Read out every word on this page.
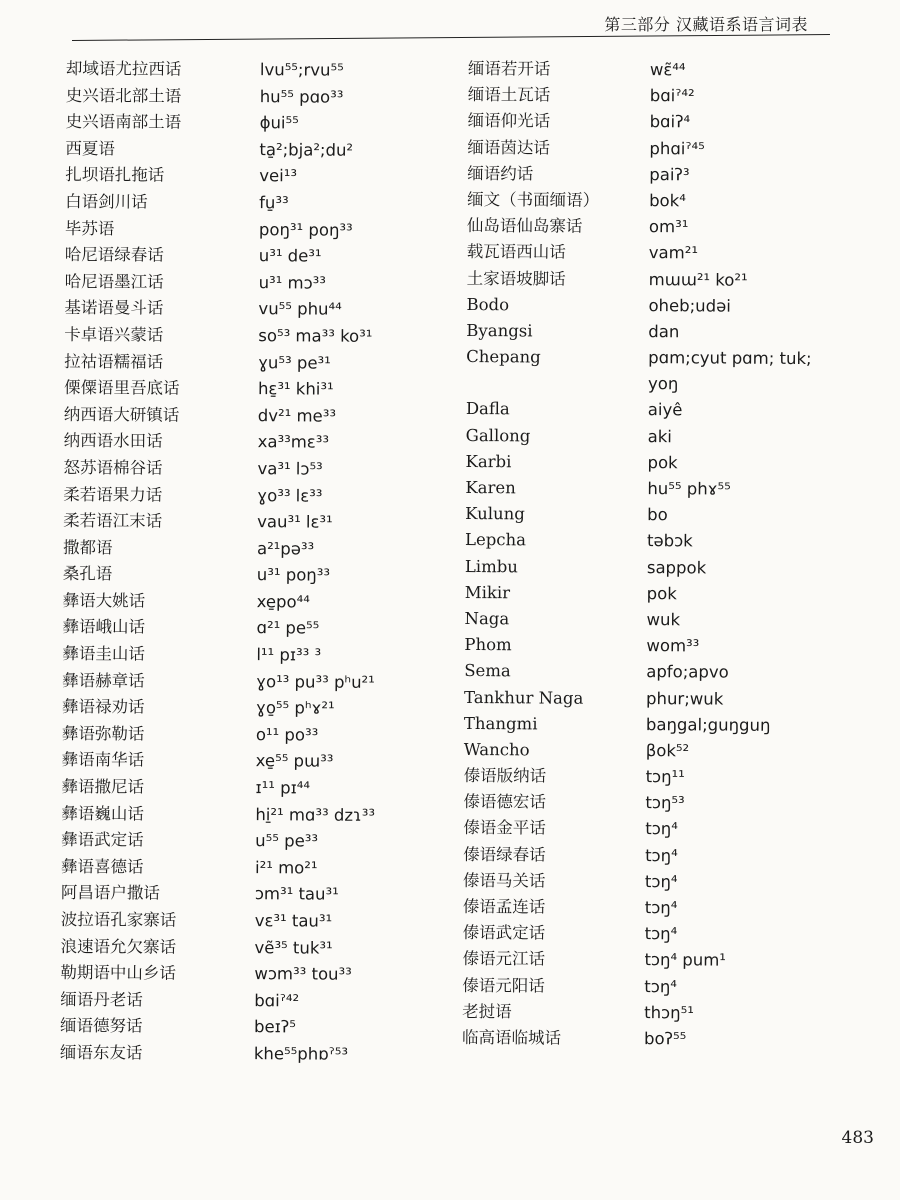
第三部分 汉藏语系语言词表
却域语尤拉西话	lvu⁵⁵;rvu⁵⁵
史兴语北部土语	hu⁵⁵ pɑo³³
史兴语南部土语	ɸui⁵⁵
西夏语	ta̱²;bja²;du²
扎坝语扎拖话	vei¹³
白语剑川话	fu̱³³
毕苏语	poŋ³¹ poŋ³³
哈尼语绿春话	u³¹ de³¹
哈尼语墨江话	u³¹ mɔ³³
基诺语曼斗话	vu⁵⁵ phu⁴⁴
卡卓语兴蒙话	so⁵³ ma³³ ko³¹
拉祜语糯福话	ɣu⁵³ pe³¹
傈僳语里吾底话	hɛ̱³¹ khi³¹
纳西语大研镇话	dv²¹ me³³
纳西语水田话	xa³³mɛ³³
怒苏语棉谷话	va³¹ lɔ⁵³
柔若语果力话	ɣo³³ lɛ³³
柔若语江末话	vau³¹ lɛ³¹
撒都语	a²¹pə³³
桑孔语	u³¹ poŋ³³
彝语大姚话	xe̱po⁴⁴
彝语峨山话	ɑ²¹ pe⁵⁵
彝语圭山话	l¹¹ pɪ³³ ³
彝语赫章话	ɣo¹³ pu³³ pʰu²¹
彝语禄劝话	ɣo̱⁵⁵ pʰɤ²¹
彝语弥勒话	o¹¹ po³³
彝语南华话	xe̱⁵⁵ pɯ³³
彝语撒尼话	ɪ¹¹ pɪ⁴⁴
彝语巍山话	hi̱²¹ mɑ³³ dzɿ³³
彝语武定话	u⁵⁵ pe³³
彝语喜德话	i²¹ mo²¹
阿昌语户撒话	ɔm³¹ tau³¹
波拉语孔家寨话	vɛ³¹ tau³¹
浪速语允欠寨话	vẽ³⁵ tuk³¹
勒期语中山乡话	wɔm³³ tou³³
缅语丹老话	bɑiˀ⁴²
缅语德努话	beɪʔ⁵
缅语东友话	khe⁵⁵phɒˀ⁵³
缅语若开话	wɛ̃⁴⁴
缅语土瓦话	bɑiˀ⁴²
缅语仰光话	bɑiʔ⁴
缅语茵达话	phɑiˀ⁴⁵
缅语约话	paiʔ³
缅文（书面缅语）	bok⁴
仙岛语仙岛寨话	om³¹
载瓦语西山话	vam²¹
土家语坡脚话	mɯɯ²¹ ko²¹
Bodo	oheb;udəi
Byangsi	dan
Chepang	pɑm;cyut pɑm; tuk;
yoŋ
Dafla	aiyê
Gallong	aki
Karbi	pok
Karen	hu⁵⁵ phɤ⁵⁵
Kulung	bo
Lepcha	təbɔk
Limbu	sappok
Mikir	pok
Naga	wuk
Phom	wom³³
Sema	apfo;apvo
Tankhur Naga	phur;wuk
Thangmi	baŋgal;guŋguŋ
Wancho	βok⁵²
傣语版纳话	tɔŋ¹¹
傣语德宏话	tɔŋ⁵³
傣语金平话	tɔŋ⁴
傣语绿春话	tɔŋ⁴
傣语马关话	tɔŋ⁴
傣语孟连话	tɔŋ⁴
傣语武定话	tɔŋ⁴
傣语元江话	tɔŋ⁴ pum¹
傣语元阳话	tɔŋ⁴
老挝语	thɔŋ⁵¹
临高语临城话	boʔ⁵⁵
483
